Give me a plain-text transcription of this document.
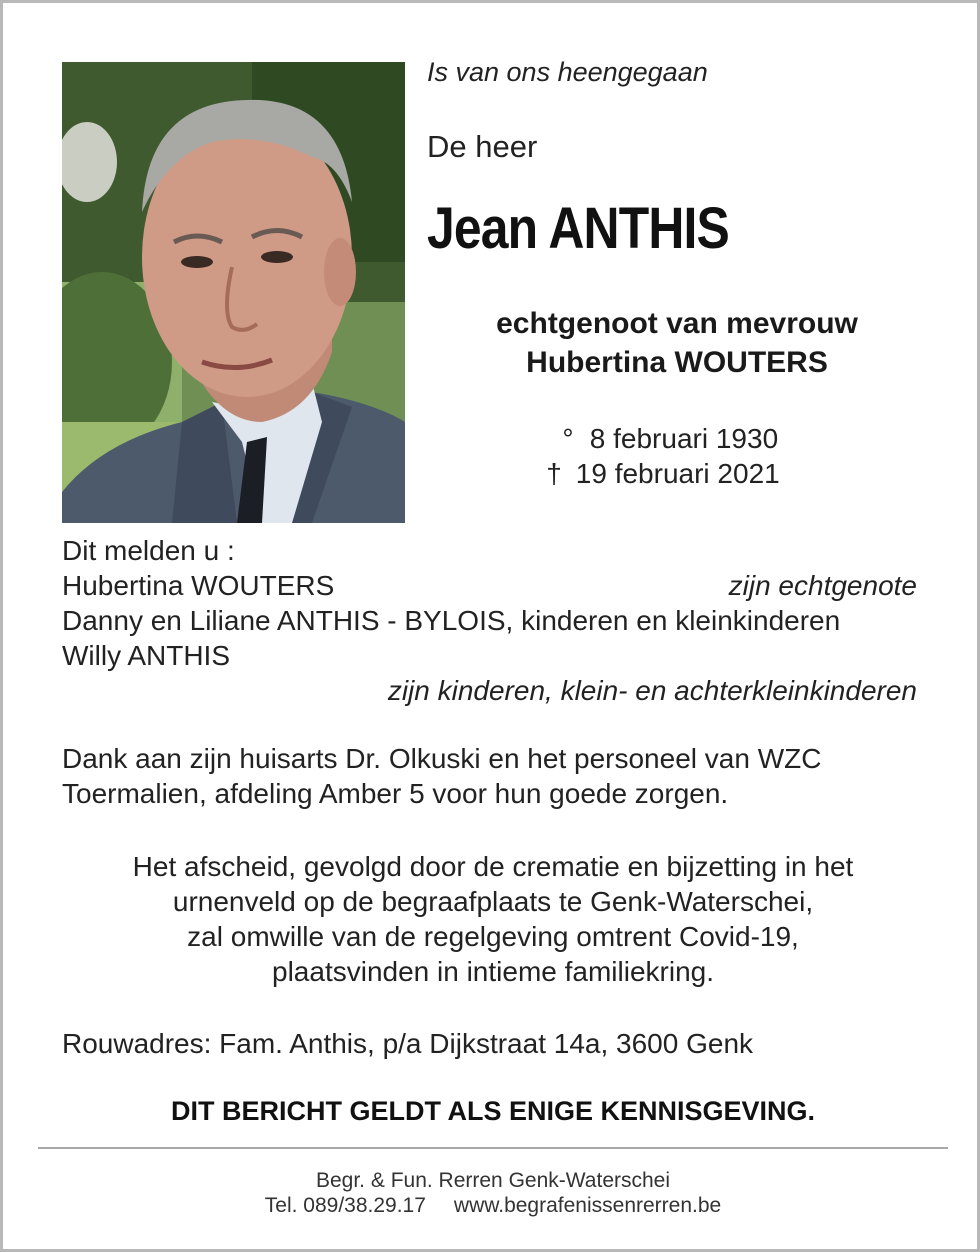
Is van ons heengegaan
De heer
Jean ANTHIS
echtgenoot van mevrouw
Hubertina WOUTERS
° 8 februari 1930
† 19 februari 2021
Dit melden u :
Hubertina WOUTERS	zijn echtgenote
Danny en Liliane ANTHIS - BYLOIS, kinderen en kleinkinderen
Willy ANTHIS
zijn kinderen, klein- en achterkleinkinderen
Dank aan zijn huisarts Dr. Olkuski en het personeel van WZC
Toermalien, afdeling Amber 5 voor hun goede zorgen.
Het afscheid, gevolgd door de crematie en bijzetting in het
urnenveld op de begraafplaats te Genk-Waterschei,
zal omwille van de regelgeving omtrent Covid-19,
plaatsvinden in intieme familiekring.
Rouwadres: Fam. Anthis, p/a Dijkstraat 14a, 3600 Genk
DIT BERICHT GELDT ALS ENIGE KENNISGEVING.
Begr. & Fun. Rerren Genk-Waterschei
Tel. 089/38.29.17 www.begrafenissenrerren.be
